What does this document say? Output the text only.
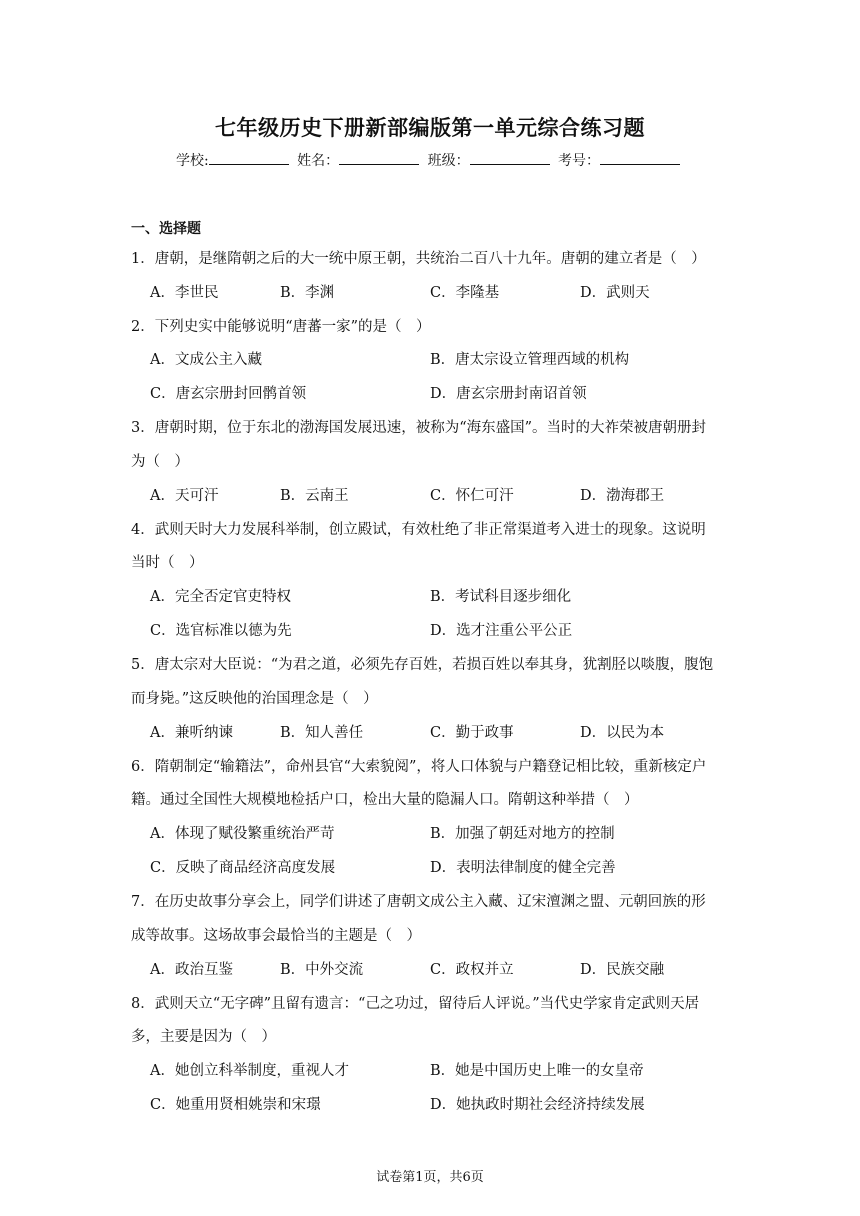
七年级历史下册新部编版第一单元综合练习题
学校:	姓名：	班级：	考号：
一、选择题
1．唐朝，是继隋朝之后的大一统中原王朝，共统治二百八十九年。唐朝的建立者是（　）
A．李世民	B．李渊	C．李隆基	D．武则天
2．下列史实中能够说明“唐蕃一家”的是（　）
A．文成公主入藏	B．唐太宗设立管理西域的机构
C．唐玄宗册封回鹘首领	D．唐玄宗册封南诏首领
3．唐朝时期，位于东北的渤海国发展迅速，被称为“海东盛国”。当时的大祚荣被唐朝册封
为（　）
A．天可汗	B．云南王	C．怀仁可汗	D．渤海郡王
4．武则天时大力发展科举制，创立殿试，有效杜绝了非正常渠道考入进士的现象。这说明
当时（　）
A．完全否定官吏特权	B．考试科目逐步细化
C．选官标准以德为先	D．选才注重公平公正
5．唐太宗对大臣说：“为君之道，必须先存百姓，若损百姓以奉其身，犹割胫以啖腹，腹饱
而身毙。”这反映他的治国理念是（　）
A．兼听纳谏	B．知人善任	C．勤于政事	D．以民为本
6．隋朝制定“输籍法”，命州县官“大索貌阅”，将人口体貌与户籍登记相比较，重新核定户
籍。通过全国性大规模地检括户口，检出大量的隐漏人口。隋朝这种举措（　）
A．体现了赋役繁重统治严苛	B．加强了朝廷对地方的控制
C．反映了商品经济高度发展	D．表明法律制度的健全完善
7．在历史故事分享会上，同学们讲述了唐朝文成公主入藏、辽宋澶渊之盟、元朝回族的形
成等故事。这场故事会最恰当的主题是（　）
A．政治互鉴	B．中外交流	C．政权并立	D．民族交融
8．武则天立“无字碑”且留有遗言：“己之功过，留待后人评说。”当代史学家肯定武则天居
多，主要是因为（　）
A．她创立科举制度，重视人才	B．她是中国历史上唯一的女皇帝
C．她重用贤相姚崇和宋璟	D．她执政时期社会经济持续发展
试卷第1页，共6页
